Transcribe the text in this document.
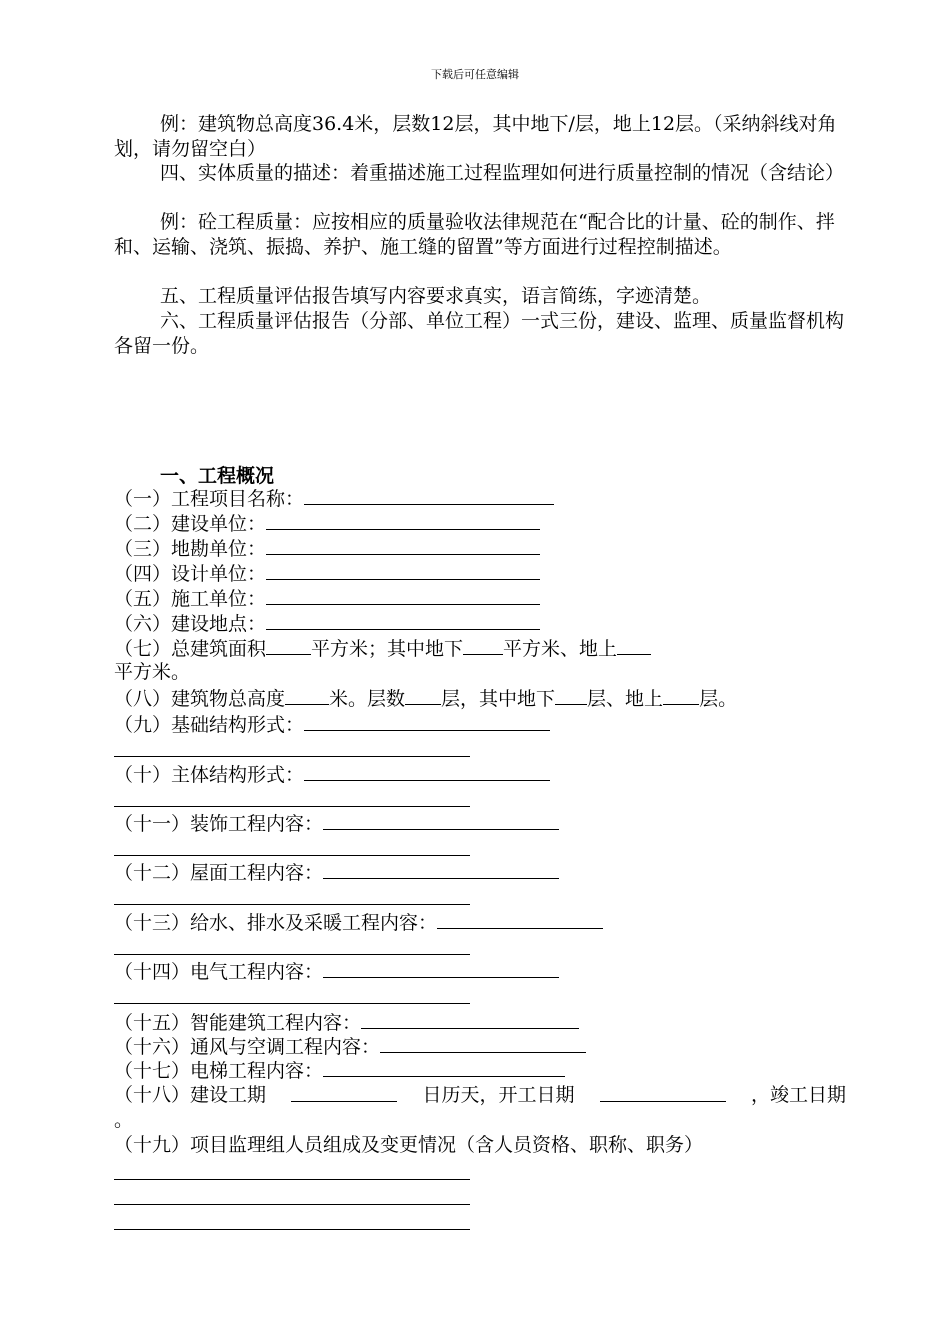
下载后可任意编辑

例：建筑物总高度36.4米，层数12层，其中地下/层，地上12层。（采纳斜线对角划，请勿留空白）

四、实体质量的描述：着重描述施工过程监理如何进行质量控制的情况（含结论）

例：砼工程质量：应按相应的质量验收法律规范在“配合比的计量、砼的制作、拌和、运输、浇筑、振捣、养护、施工缝的留置”等方面进行过程控制描述。

五、工程质量评估报告填写内容要求真实，语言简练，字迹清楚。

六、工程质量评估报告（分部、单位工程）一式三份，建设、监理、质量监督机构各留一份。

一、工程概况
（一）工程项目名称：
（二）建设单位：
（三）地勘单位：
（四）设计单位：
（五）施工单位：
（六）建设地点：
（七）总建筑面积 平方米；其中地下 平方米、地上
平方米。
（八）建筑物总高度 米。层数 层，其中地下 层、地上 层。
（九）基础结构形式：
（十）主体结构形式：
（十一）装饰工程内容：
（十二）屋面工程内容：
（十三）给水、排水及采暖工程内容：
（十四）电气工程内容：
（十五）智能建筑工程内容：
（十六）通风与空调工程内容：
（十七）电梯工程内容：
（十八）建设工期	日历天，开工日期	，竣工日期
。
（十九）项目监理组人员组成及变更情况（含人员资格、职称、职务）
